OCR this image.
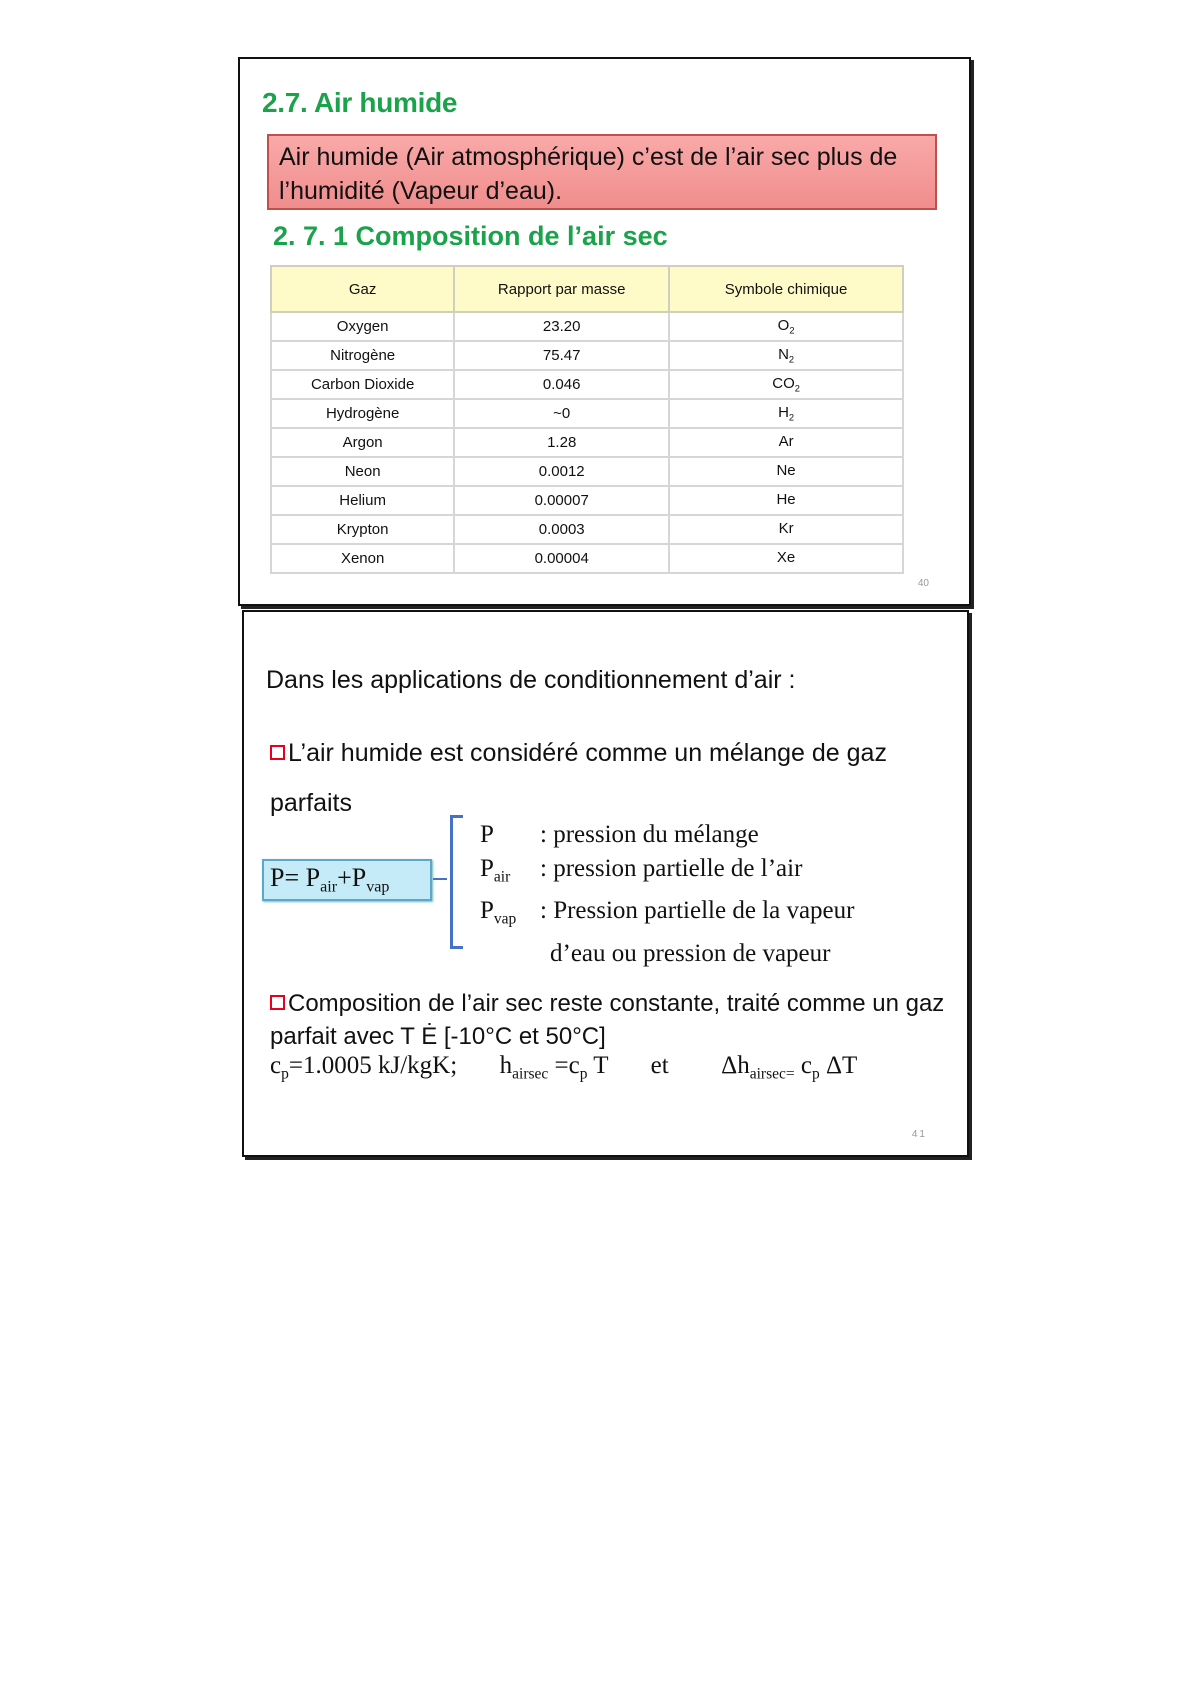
2.7. Air humide
Air humide (Air atmosphérique) c’est de l’air sec plus de l’humidité (Vapeur d’eau).
2. 7. 1 Composition de l’air sec
Gaz	Rapport par masse	Symbole chimique
Oxygen	23.20	$O_2$
Nitrogène	75.47	$N_2$
Carbon Dioxide	0.046	$CO_2$
Hydrogène	~0	$H_2$
Argon	1.28	Ar
Neon	0.0012	Ne
Helium	0.00007	He
Krypton	0.0003	Kr
Xenon	0.00004	Xe
40
Dans les applications de conditionnement d’air :
L’air humide est considéré comme un mélange de gaz parfaits
$P= P_{air}+P_{vap}$
P	: pression du mélange
$P_{air}$	: pression partielle de l’air
$P_{vap}$ : Pression partielle de la vapeur
d’eau ou pression de vapeur
Composition de l’air sec reste constante, traité comme un gaz parfait avec T Ė [-10°C et 50°C]
$c_p=1.0005$ kJ/kgK; $h_{airsec} =c_p$ T et $\Delta h_{airsec=}$ $c_p$ ΔT
41
